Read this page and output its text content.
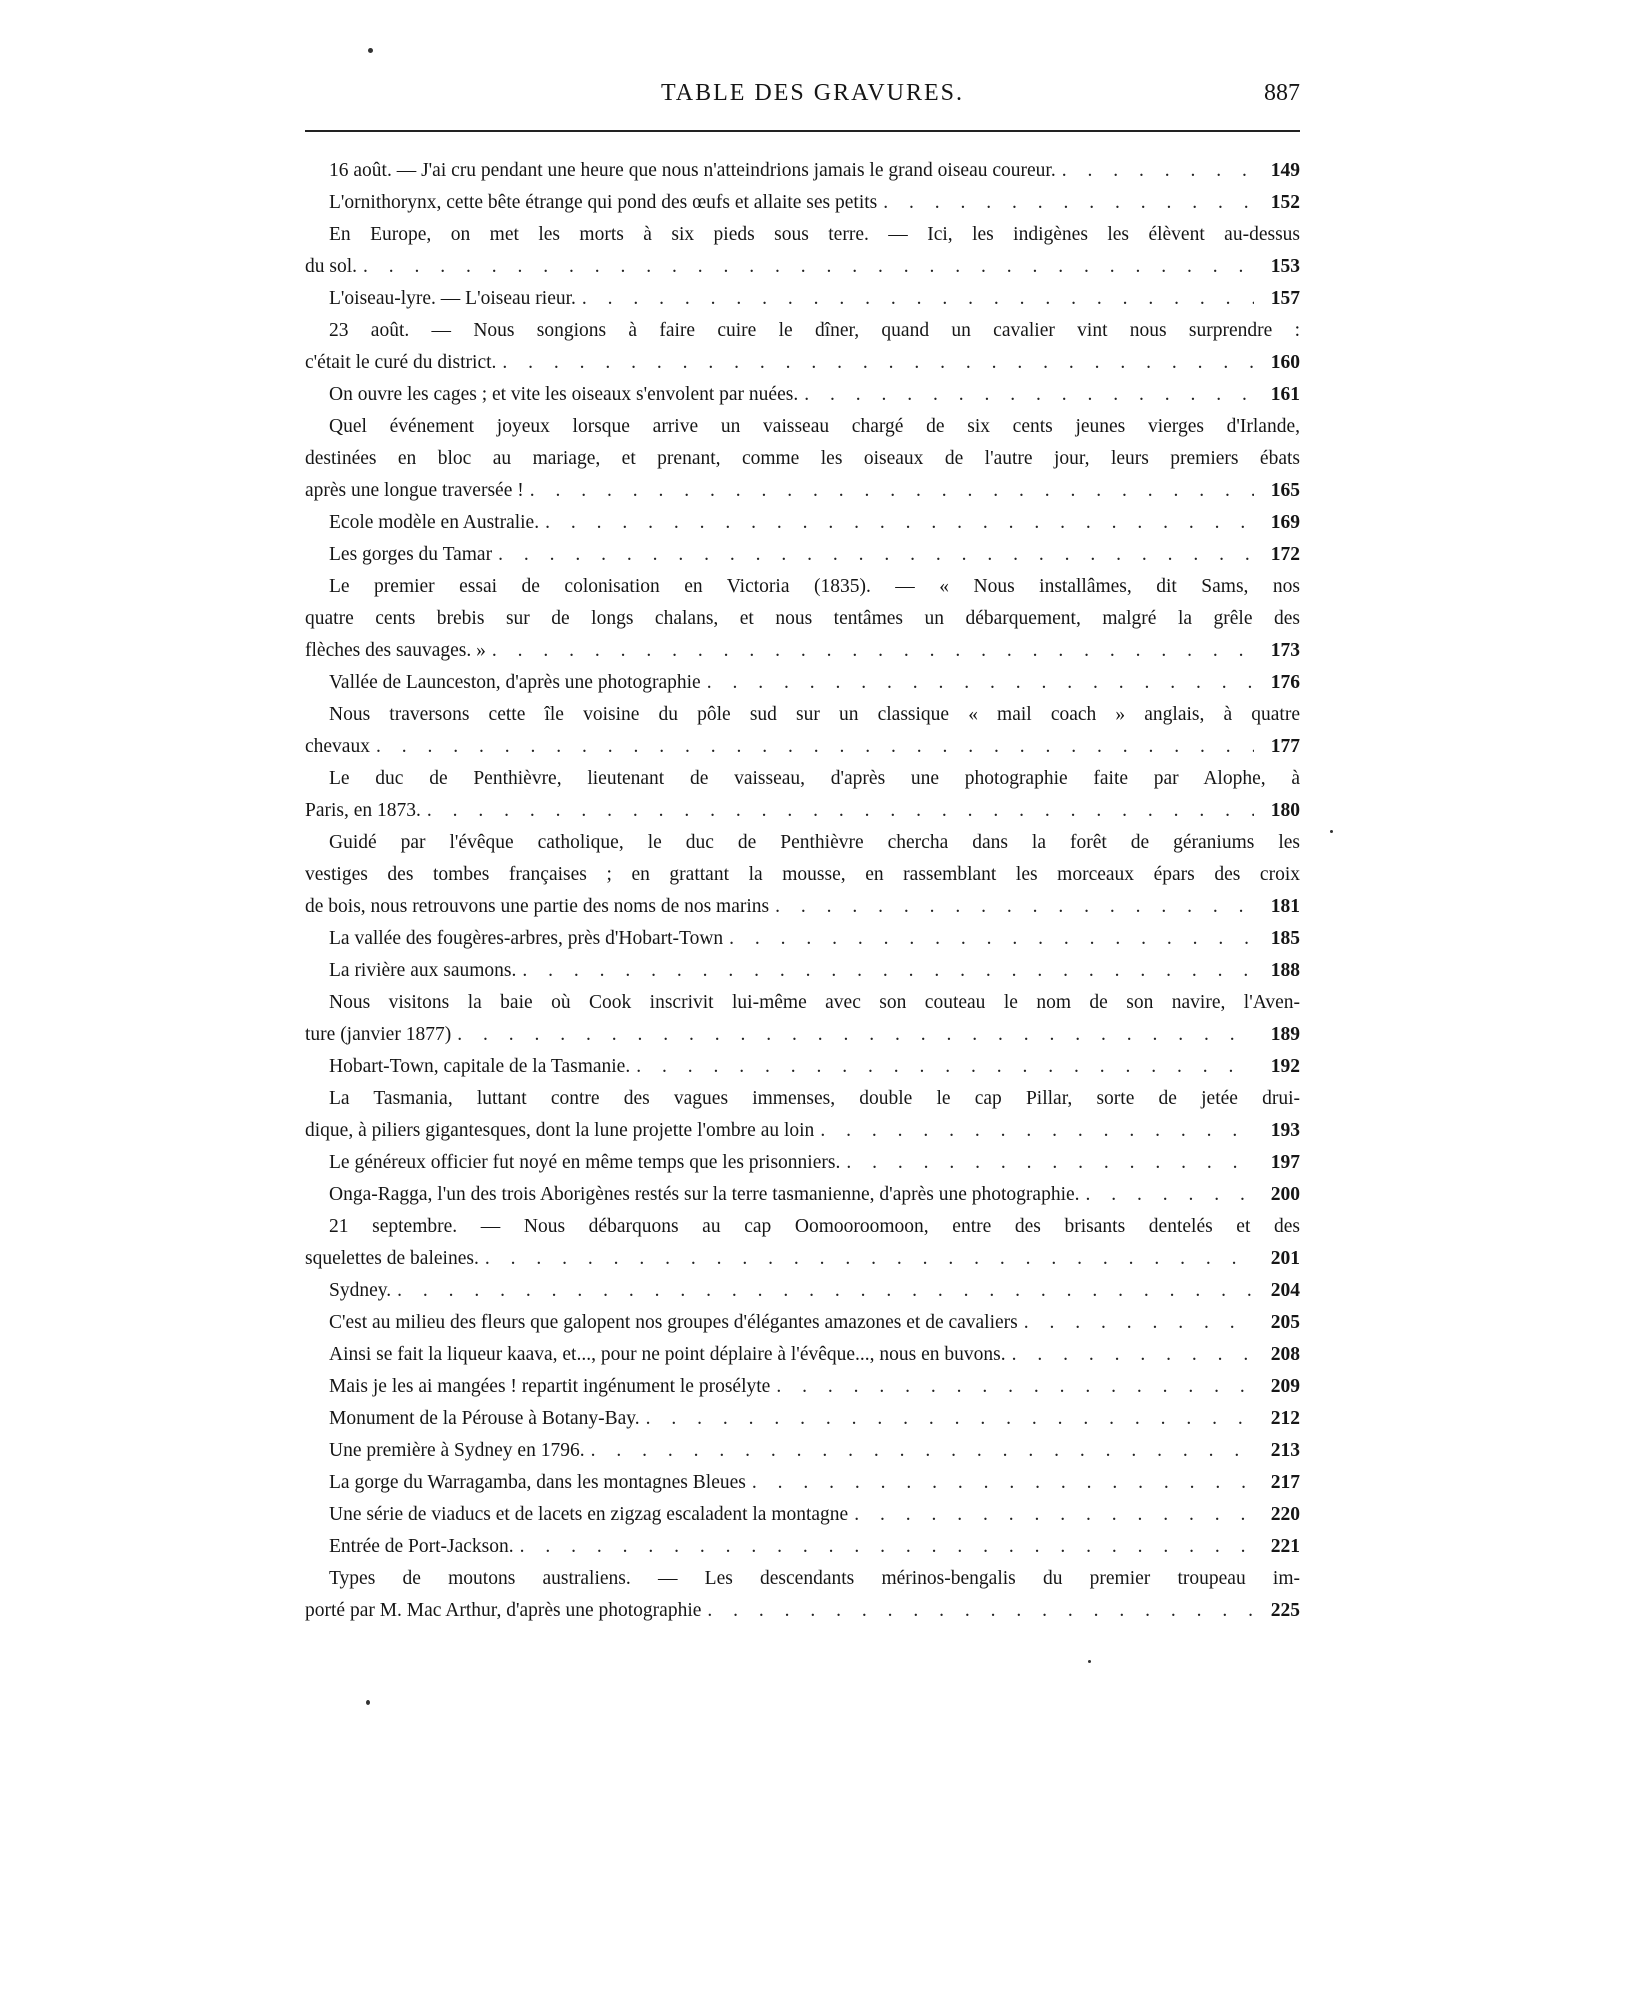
TABLE DES GRAVURES.	887
16 août. — J'ai cru pendant une heure que nous n'atteindrions jamais le grand oiseau coureur. . . .	149
L'ornithorynx, cette bête étrange qui pond des œufs et allaite ses petits . . .	152
En Europe, on met les morts à six pieds sous terre. — Ici, les indigènes les élèvent au-dessus
du sol. . . .	153
L'oiseau-lyre. — L'oiseau rieur. . . .	157
23 août. — Nous songions à faire cuire le dîner, quand un cavalier vint nous surprendre :
c'était le curé du district. . . .	160
On ouvre les cages ; et vite les oiseaux s'envolent par nuées. . . .	161
Quel événement joyeux lorsque arrive un vaisseau chargé de six cents jeunes vierges d'Irlande,
destinées en bloc au mariage, et prenant, comme les oiseaux de l'autre jour, leurs premiers ébats
après une longue traversée ! . . .	165
Ecole modèle en Australie. . . .	169
Les gorges du Tamar . . .	172
Le premier essai de colonisation en Victoria (1835). — « Nous installâmes, dit Sams, nos
quatre cents brebis sur de longs chalans, et nous tentâmes un débarquement, malgré la grêle des
flèches des sauvages. » . . .	173
Vallée de Launceston, d'après une photographie . . .	176
Nous traversons cette île voisine du pôle sud sur un classique « mail coach » anglais, à quatre
chevaux . . .	177
Le duc de Penthièvre, lieutenant de vaisseau, d'après une photographie faite par Alophe, à
Paris, en 1873. . . .	180
Guidé par l'évêque catholique, le duc de Penthièvre chercha dans la forêt de géraniums les
vestiges des tombes françaises ; en grattant la mousse, en rassemblant les morceaux épars des croix
de bois, nous retrouvons une partie des noms de nos marins . . .	181
La vallée des fougères-arbres, près d'Hobart-Town . . .	185
La rivière aux saumons. . . .	188
Nous visitons la baie où Cook inscrivit lui-même avec son couteau le nom de son navire, l'Aven-
ture (janvier 1877) . . .	189
Hobart-Town, capitale de la Tasmanie. . . .	192
La Tasmania, luttant contre des vagues immenses, double le cap Pillar, sorte de jetée drui-
dique, à piliers gigantesques, dont la lune projette l'ombre au loin . . .	193
Le généreux officier fut noyé en même temps que les prisonniers. . . .	197
Onga-Ragga, l'un des trois Aborigènes restés sur la terre tasmanienne, d'après une photographie. . . .	200
21 septembre. — Nous débarquons au cap Oomooroomoon, entre des brisants dentelés et des
squelettes de baleines. . . .	201
Sydney. . . .	204
C'est au milieu des fleurs que galopent nos groupes d'élégantes amazones et de cavaliers . . .	205
Ainsi se fait la liqueur kaava, et..., pour ne point déplaire à l'évêque..., nous en buvons. . . .	208
Mais je les ai mangées ! repartit ingénument le prosélyte . . .	209
Monument de la Pérouse à Botany-Bay. . . .	212
Une première à Sydney en 1796. . . .	213
La gorge du Warragamba, dans les montagnes Bleues . . .	217
Une série de viaducs et de lacets en zigzag escaladent la montagne . . .	220
Entrée de Port-Jackson. . . .	221
Types de moutons australiens. — Les descendants mérinos-bengalis du premier troupeau im-
porté par M. Mac Arthur, d'après une photographie . . .	225
